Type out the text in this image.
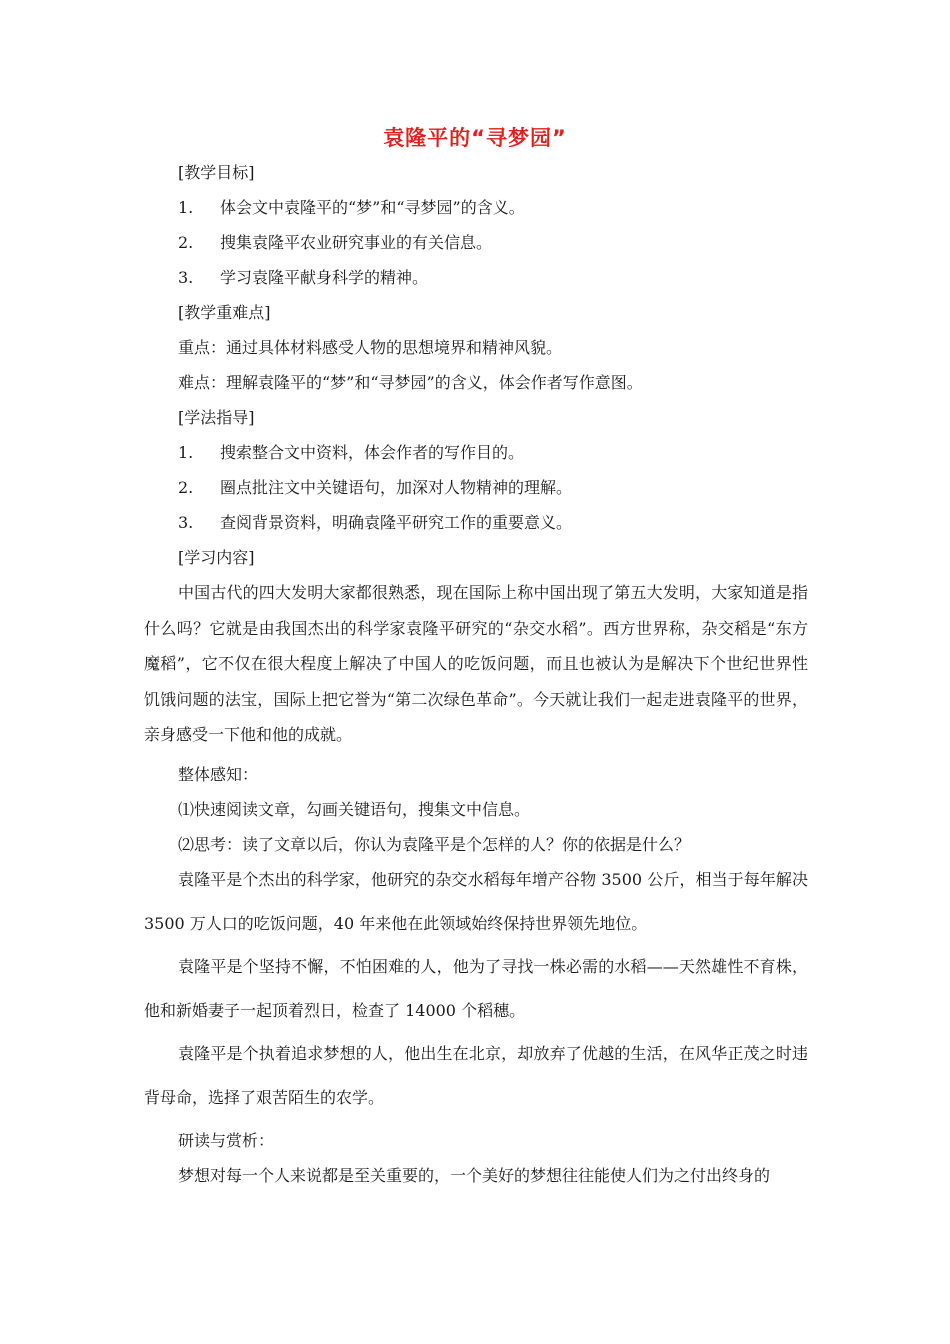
袁隆平的“寻梦园”
[教学目标]
1. 体会文中袁隆平的“梦”和“寻梦园”的含义。
2. 搜集袁隆平农业研究事业的有关信息。
3. 学习袁隆平献身科学的精神。
[教学重难点]
重点：通过具体材料感受人物的思想境界和精神风貌。
难点：理解袁隆平的“梦”和“寻梦园”的含义，体会作者写作意图。
[学法指导]
1. 搜索整合文中资料，体会作者的写作目的。
2. 圈点批注文中关键语句，加深对人物精神的理解。
3. 查阅背景资料，明确袁隆平研究工作的重要意义。
[学习内容]
中国古代的四大发明大家都很熟悉，现在国际上称中国出现了第五大发明，大家知道是指什么吗？它就是由我国杰出的科学家袁隆平研究的“杂交水稻”。西方世界称，杂交稻是“东方魔稻”，它不仅在很大程度上解决了中国人的吃饭问题，而且也被认为是解决下个世纪世界性饥饿问题的法宝，国际上把它誉为“第二次绿色革命”。今天就让我们一起走进袁隆平的世界，亲身感受一下他和他的成就。
整体感知：
⑴快速阅读文章，勾画关键语句，搜集文中信息。
⑵思考：读了文章以后，你认为袁隆平是个怎样的人？你的依据是什么？
袁隆平是个杰出的科学家，他研究的杂交水稻每年增产谷物 3500 公斤，相当于每年解决 3500 万人口的吃饭问题，40 年来他在此领域始终保持世界领先地位。
袁隆平是个坚持不懈，不怕困难的人，他为了寻找一株必需的水稻——天然雄性不育株，他和新婚妻子一起顶着烈日，检查了 14000 个稻穗。
袁隆平是个执着追求梦想的人，他出生在北京，却放弃了优越的生活，在风华正茂之时违背母命，选择了艰苦陌生的农学。
研读与赏析：
梦想对每一个人来说都是至关重要的，一个美好的梦想往往能使人们为之付出终身的
